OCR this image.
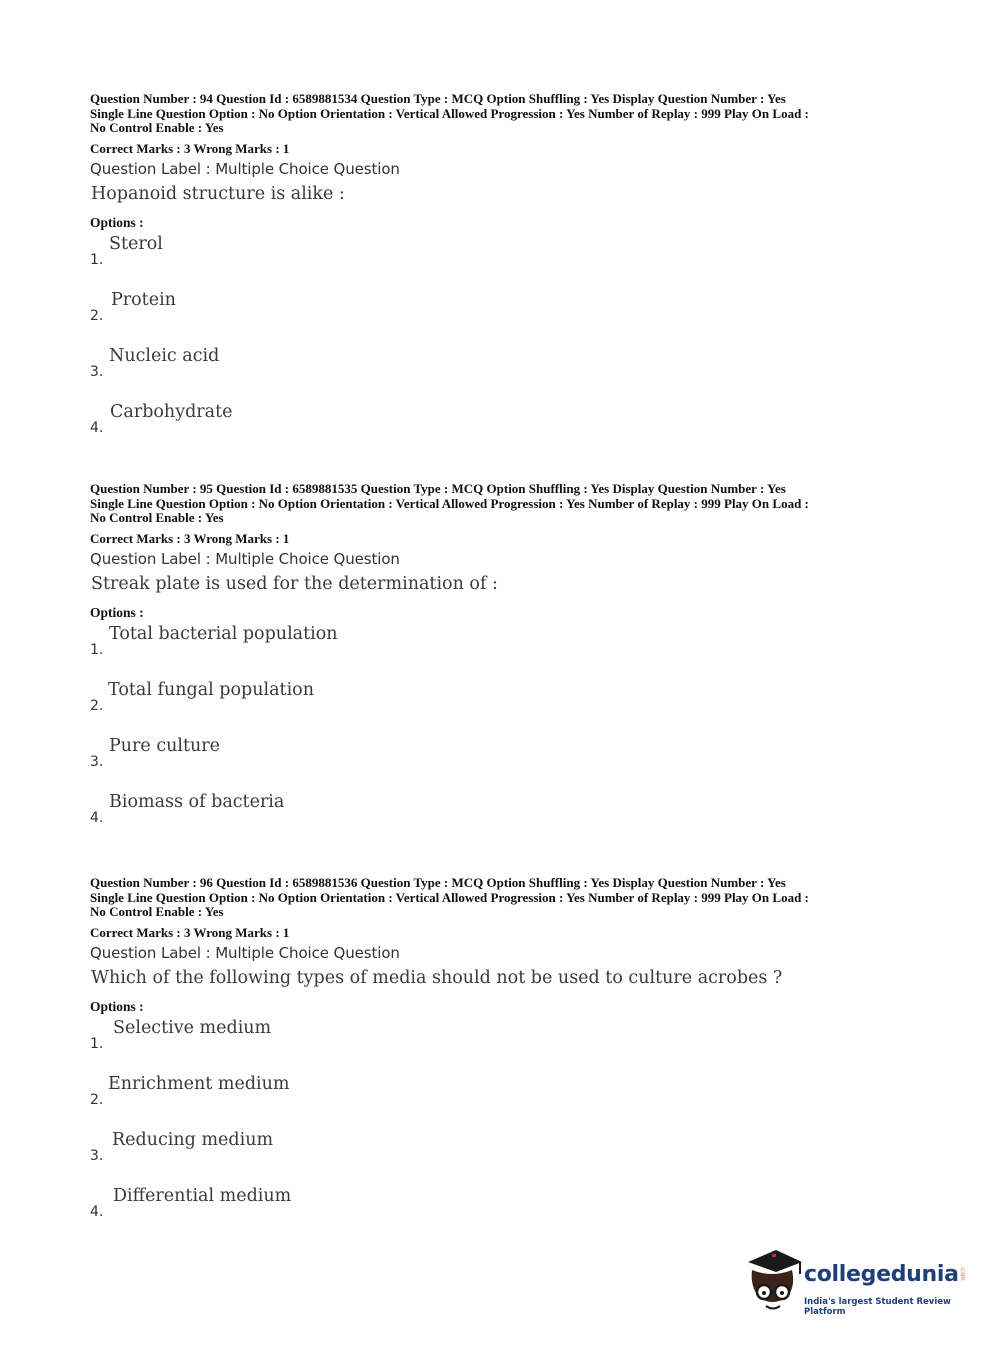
Question Number : 94 Question Id : 6589881534 Question Type : MCQ Option Shuffling : Yes Display Question Number : Yes
Single Line Question Option : No Option Orientation : Vertical Allowed Progression : Yes Number of Replay : 999 Play On Load :
No Control Enable : Yes
Correct Marks : 3 Wrong Marks : 1
Question Label : Multiple Choice Question
Hopanoid structure is alike :
Options :
1.
Sterol
2.
Protein
3.
Nucleic acid
4.
Carbohydrate
Question Number : 95 Question Id : 6589881535 Question Type : MCQ Option Shuffling : Yes Display Question Number : Yes
Single Line Question Option : No Option Orientation : Vertical Allowed Progression : Yes Number of Replay : 999 Play On Load :
No Control Enable : Yes
Correct Marks : 3 Wrong Marks : 1
Question Label : Multiple Choice Question
Streak plate is used for the determination of :
Options :
1.
Total bacterial population
2.
Total fungal population
3.
Pure culture
4.
Biomass of bacteria
Question Number : 96 Question Id : 6589881536 Question Type : MCQ Option Shuffling : Yes Display Question Number : Yes
Single Line Question Option : No Option Orientation : Vertical Allowed Progression : Yes Number of Replay : 999 Play On Load :
No Control Enable : Yes
Correct Marks : 3 Wrong Marks : 1
Question Label : Multiple Choice Question
Which of the following types of media should not be used to culture acrobes ?
Options :
1.
Selective medium
2.
Enrichment medium
3.
Reducing medium
4.
Differential medium
collegedunia .com
India's largest Student Review Platform
